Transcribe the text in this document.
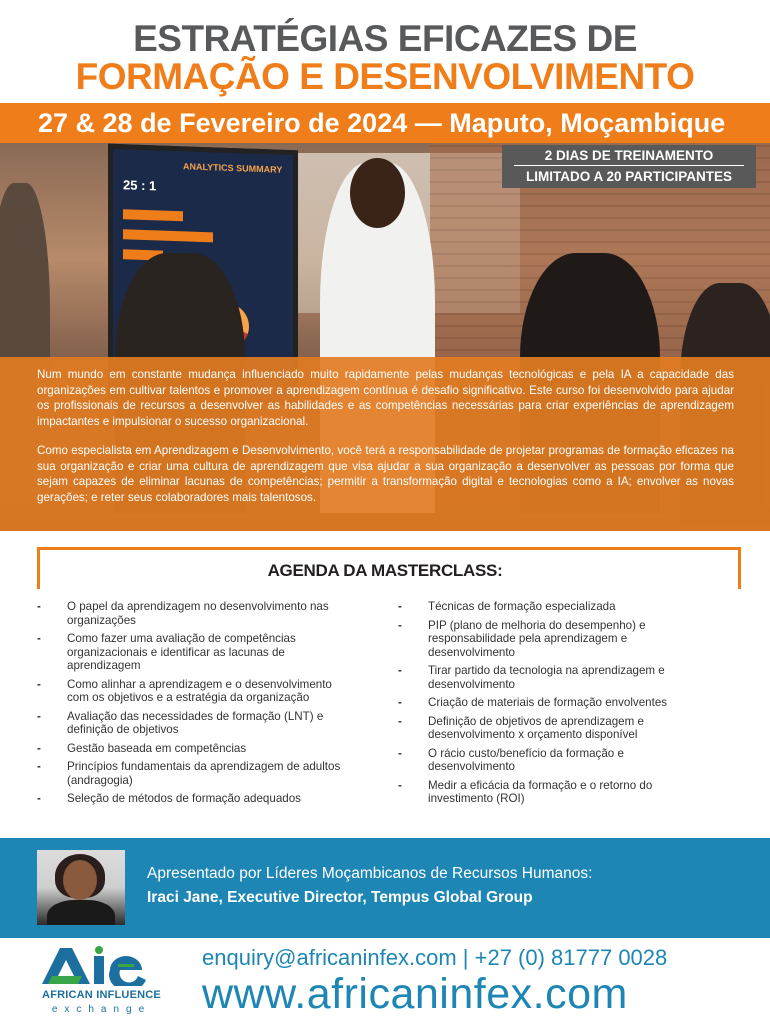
ESTRATÉGIAS EFICAZES DE
FORMAÇÃO E DESENVOLVIMENTO
27 & 28 de Fevereiro de 2024 — Maputo, Moçambique
ANALYTICS SUMMARY
25 : 1
2 DIAS DE TREINAMENTO
LIMITADO A 20 PARTICIPANTES

Num mundo em constante mudança influenciado muito rapidamente pelas mudanças tecnológicas e pela IA a capacidade das organizações em cultivar talentos e promover a aprendizagem contínua é desafio significativo. Este curso foi desenvolvido para ajudar os profissionais de recursos a desenvolver as habilidades e as competências necessárias para criar experiências de aprendizagem impactantes e impulsionar o sucesso organizacional.

Como especialista em Aprendizagem e Desenvolvimento, você terá a responsabilidade de projetar programas de formação eficazes na sua organização e criar uma cultura de aprendizagem que visa ajudar a sua organização a desenvolver as pessoas por forma que sejam capazes de eliminar lacunas de competências; permitir a transformação digital e tecnologias como a IA; envolver as novas gerações; e reter seus colaboradores mais talentosos.

AGENDA DA MASTERCLASS:
- O papel da aprendizagem no desenvolvimento nas organizações
- Como fazer uma avaliação de competências organizacionais e identificar as lacunas de aprendizagem
- Como alinhar a aprendizagem e o desenvolvimento com os objetivos e a estratégia da organização
- Avaliação das necessidades de formação (LNT) e definição de objetivos
- Gestão baseada em competências
- Princípios fundamentais da aprendizagem de adultos (andragogia)
- Seleção de métodos de formação adequados
- Técnicas de formação especializada
- PIP (plano de melhoria do desempenho) e responsabilidade pela aprendizagem e desenvolvimento
- Tirar partido da tecnologia na aprendizagem e desenvolvimento
- Criação de materiais de formação envolventes
- Definição de objetivos de aprendizagem e desenvolvimento x orçamento disponível
- O rácio custo/benefício da formação e desenvolvimento
- Medir a eficácia da formação e o retorno do investimento (ROI)
Apresentado por Líderes Moçambicanos de Recursos Humanos:
Iraci Jane, Executive Director, Tempus Global Group
AFRICAN INFLUENCE
exchange
enquiry@africaninfex.com | +27 (0) 81777 0028
www.africaninfex.com
